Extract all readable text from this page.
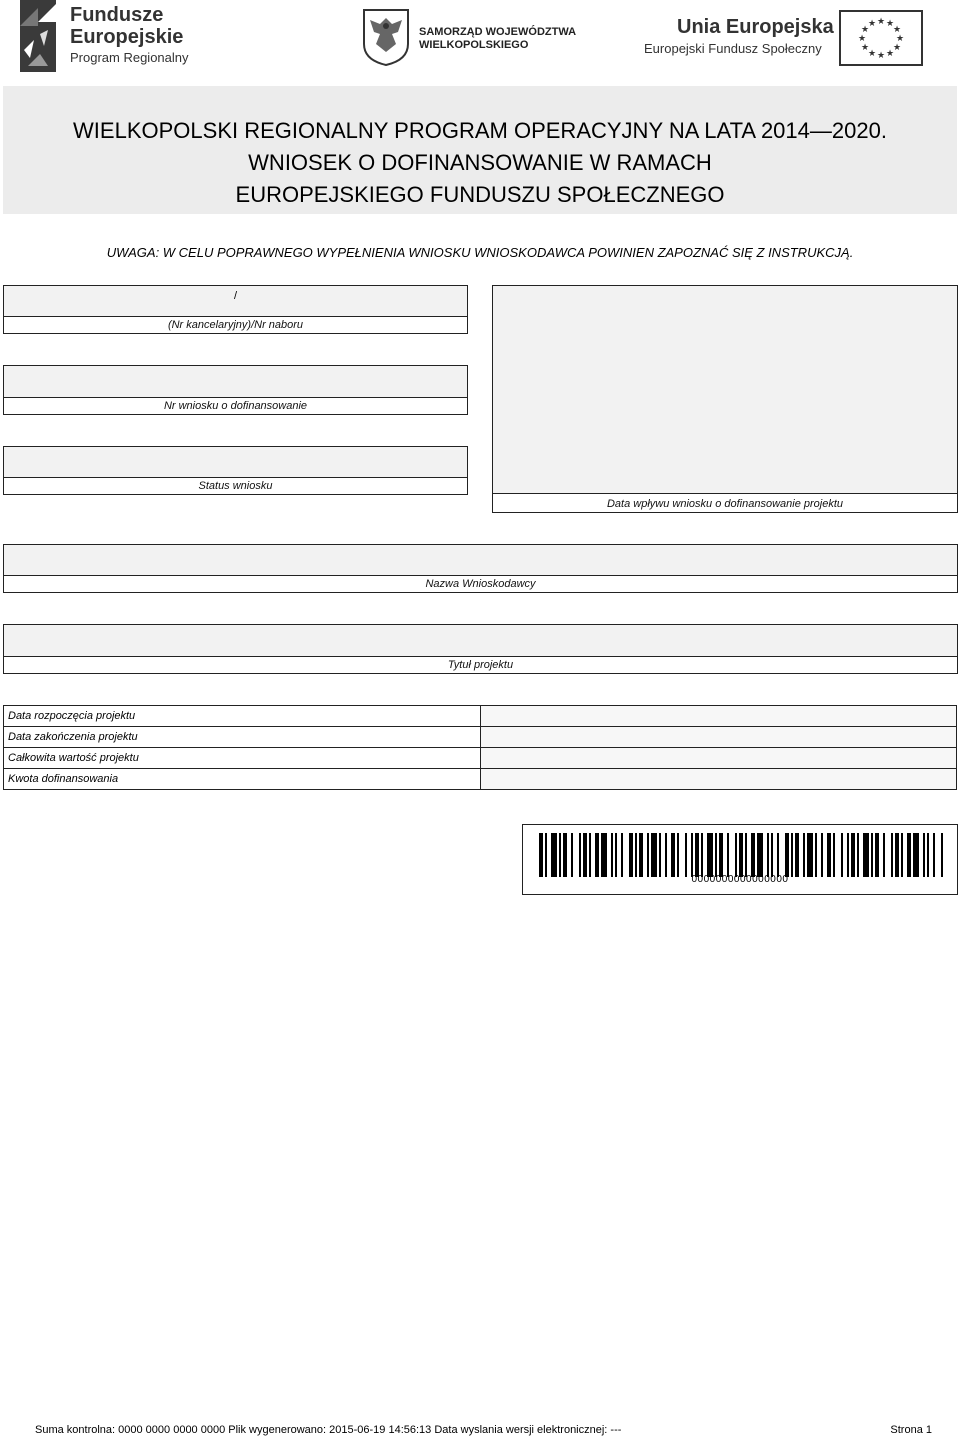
Fundusze
Europejskie
Program Regionalny
SAMORZĄD WOJEWÓDZTWA
WIELKOPOLSKIEGO
Unia Europejska
Europejski Fundusz Społeczny
★ ★
★
★
★
★
★
★
★
★
★
★
WIELKOPOLSKI REGIONALNY PROGRAM OPERACYJNY NA LATA 2014—2020.
WNIOSEK O DOFINANSOWANIE W RAMACH
EUROPEJSKIEGO FUNDUSZU SPOŁECZNEGO
UWAGA: W CELU POPRAWNEGO WYPEŁNIENIA WNIOSKU WNIOSKODAWCA POWINIEN ZAPOZNAĆ SIĘ Z INSTRUKCJĄ.
/
(Nr kancelaryjny)/Nr naboru
Nr wniosku o dofinansowanie
Status wniosku
Data wpływu wniosku o dofinansowanie projektu
Nazwa Wnioskodawcy
Tytuł projektu
Data rozpoczęcia projektu	
Data zakończenia projektu	
Całkowita wartość projektu	
Kwota dofinansowania	
0000000000000000
Suma kontrolna: 0000 0000 0000 0000 Plik wygenerowano: 2015-06-19 14:56:13 Data wyslania wersji elektronicznej: ---	Strona 1
